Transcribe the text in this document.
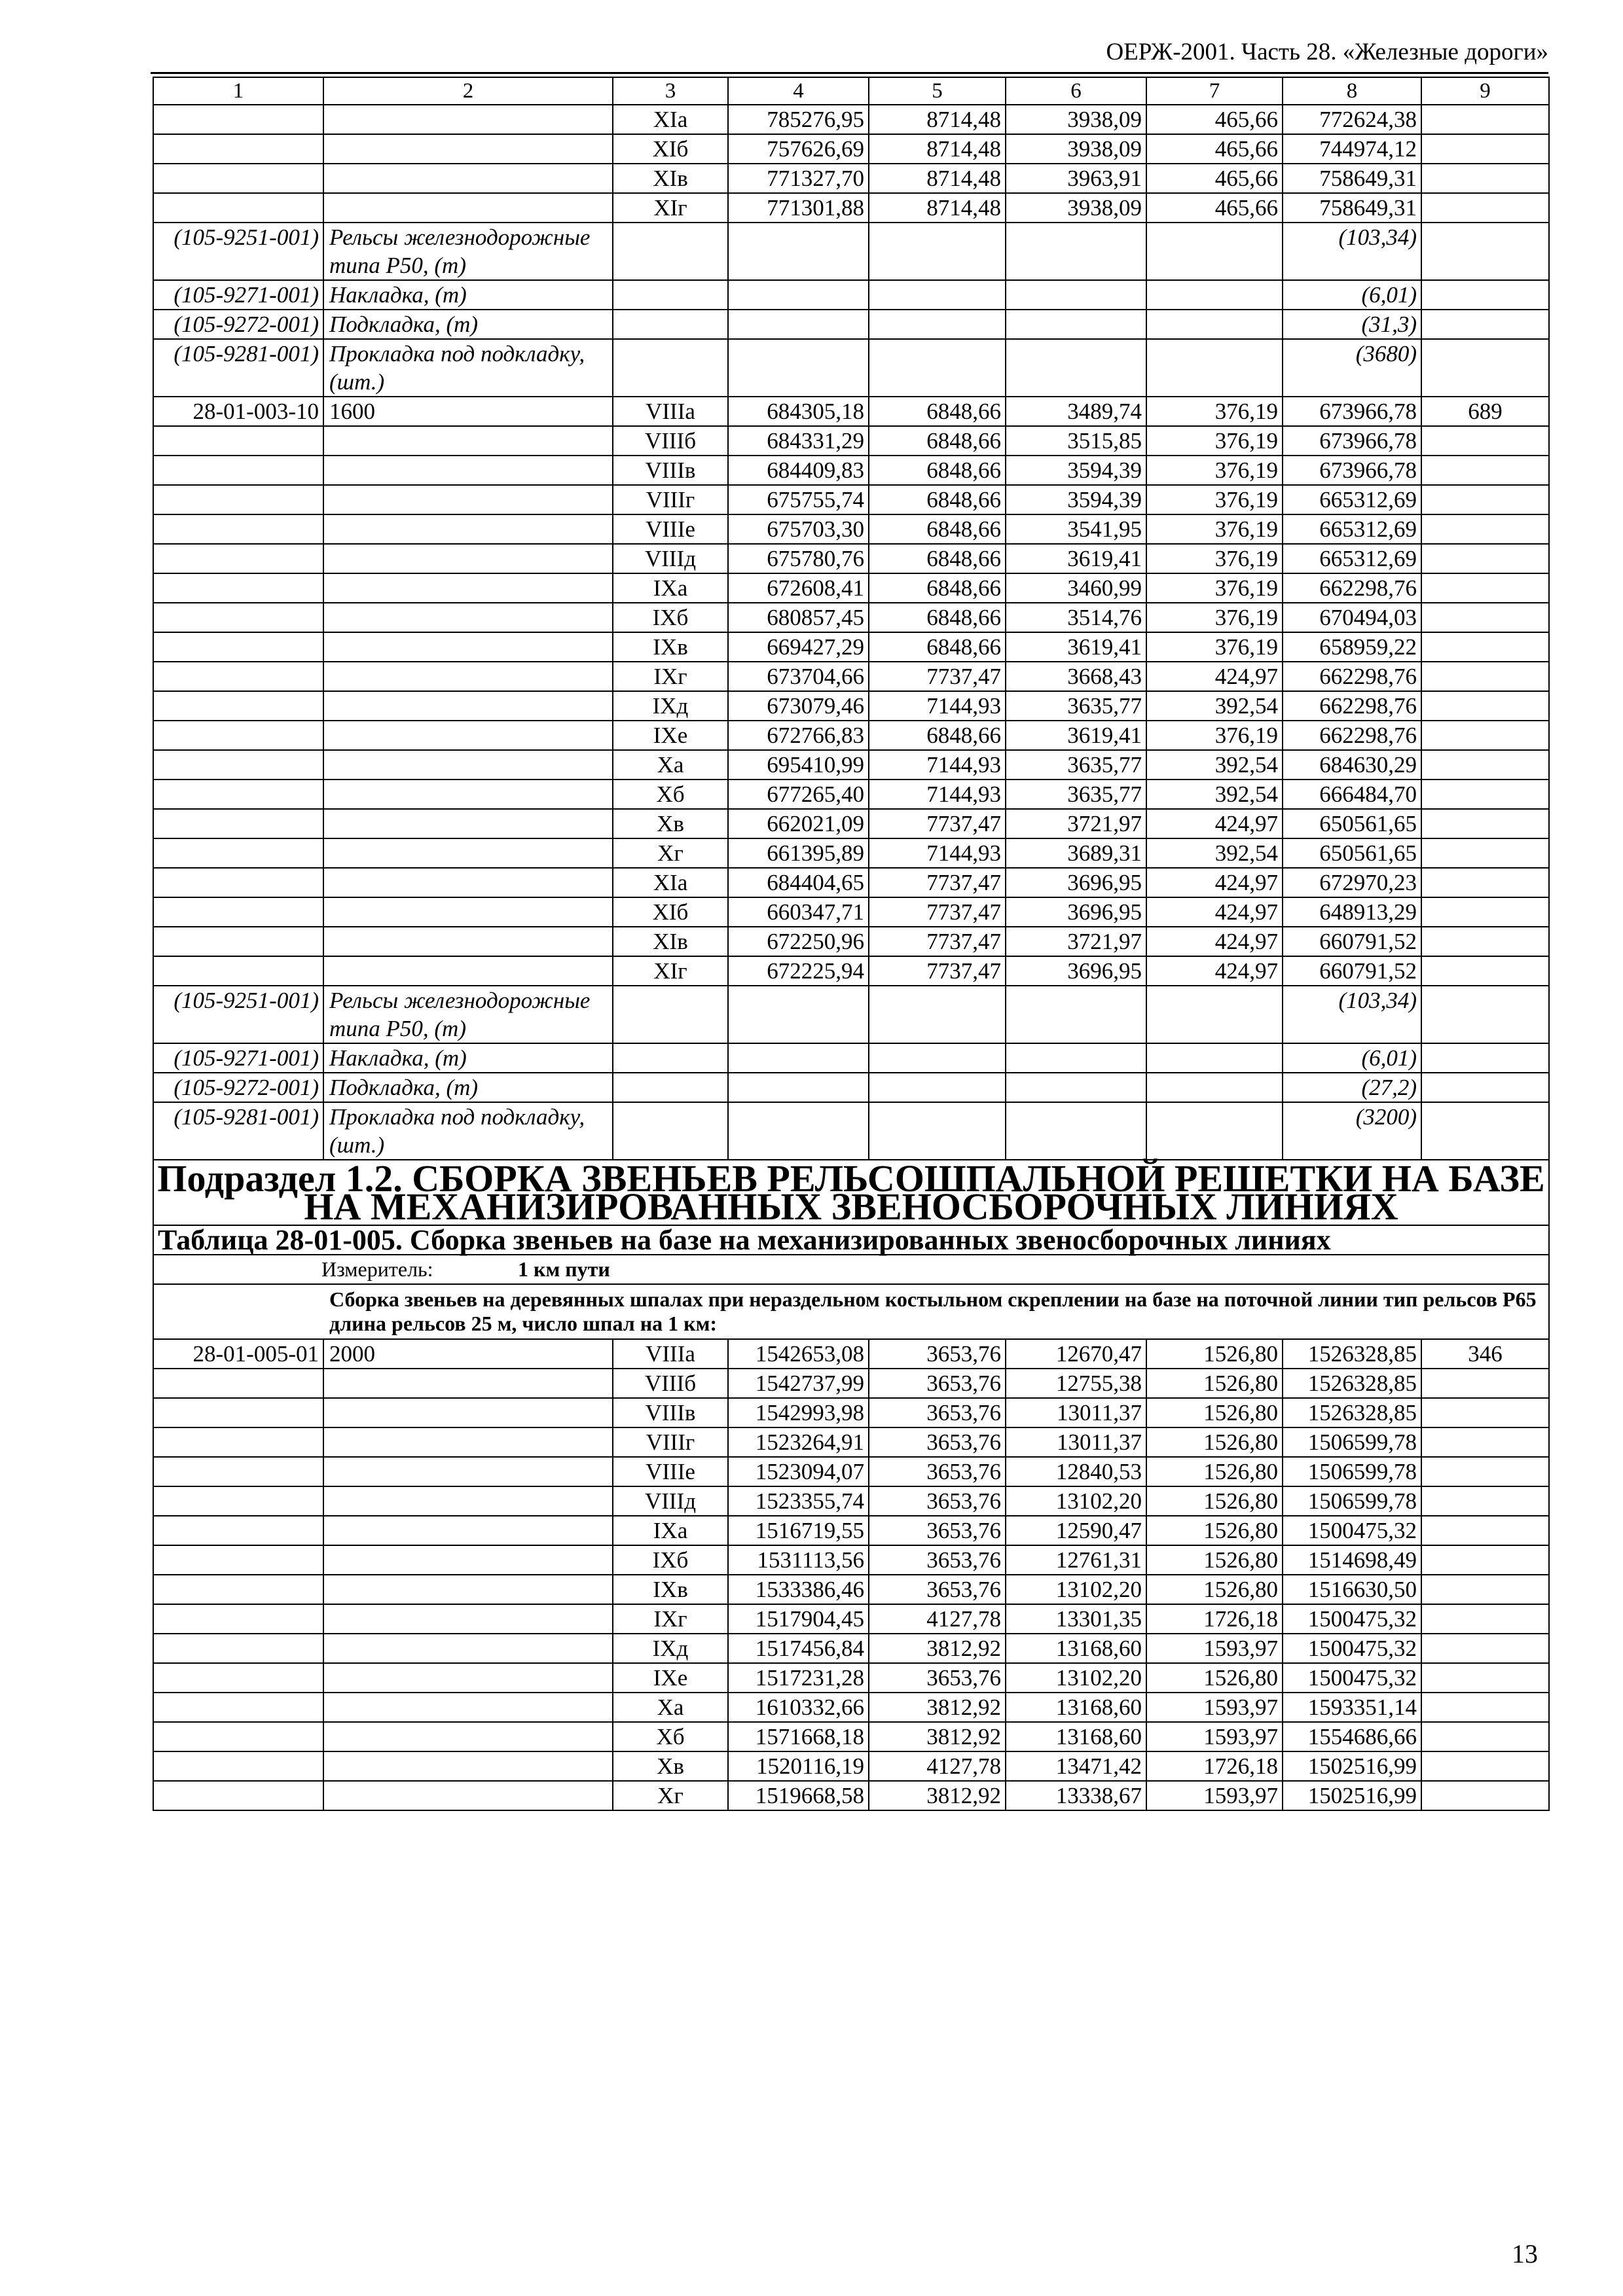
ОЕРЖ-2001. Часть 28. «Железные дороги»
1	2	3	4	5	6	7	8	9
		XIа	785276,95	8714,48	3938,09	465,66	772624,38	
		XIб	757626,69	8714,48	3938,09	465,66	744974,12	
		XIв	771327,70	8714,48	3963,91	465,66	758649,31	
		XIг	771301,88	8714,48	3938,09	465,66	758649,31	
(105-9251-001)	Рельсы железнодорожные типа Р50, (т)						(103,34)	
(105-9271-001)	Накладка, (т)						(6,01)	
(105-9272-001)	Подкладка, (т)						(31,3)	
(105-9281-001)	Прокладка под подкладку, (шт.)						(3680)	
28-01-003-10	1600	VIIIа	684305,18	6848,66	3489,74	376,19	673966,78	689
		VIIIб	684331,29	6848,66	3515,85	376,19	673966,78	
		VIIIв	684409,83	6848,66	3594,39	376,19	673966,78	
		VIIIг	675755,74	6848,66	3594,39	376,19	665312,69	
		VIIIе	675703,30	6848,66	3541,95	376,19	665312,69	
		VIIIд	675780,76	6848,66	3619,41	376,19	665312,69	
		IXа	672608,41	6848,66	3460,99	376,19	662298,76	
		IXб	680857,45	6848,66	3514,76	376,19	670494,03	
		IXв	669427,29	6848,66	3619,41	376,19	658959,22	
		IXг	673704,66	7737,47	3668,43	424,97	662298,76	
		IXд	673079,46	7144,93	3635,77	392,54	662298,76	
		IXе	672766,83	6848,66	3619,41	376,19	662298,76	
		Xа	695410,99	7144,93	3635,77	392,54	684630,29	
		Xб	677265,40	7144,93	3635,77	392,54	666484,70	
		Xв	662021,09	7737,47	3721,97	424,97	650561,65	
		Xг	661395,89	7144,93	3689,31	392,54	650561,65	
		XIа	684404,65	7737,47	3696,95	424,97	672970,23	
		XIб	660347,71	7737,47	3696,95	424,97	648913,29	
		XIв	672250,96	7737,47	3721,97	424,97	660791,52	
		XIг	672225,94	7737,47	3696,95	424,97	660791,52	
(105-9251-001)	Рельсы железнодорожные типа Р50, (т)						(103,34)	
(105-9271-001)	Накладка, (т)						(6,01)	
(105-9272-001)	Подкладка, (т)						(27,2)	
(105-9281-001)	Прокладка под подкладку, (шт.)						(3200)	
Подраздел 1.2. СБОРКА ЗВЕНЬЕВ РЕЛЬСОШПАЛЬНОЙ РЕШЕТКИ НА БАЗЕ НА МЕХАНИЗИРОВАННЫХ ЗВЕНОСБОРОЧНЫХ ЛИНИЯХ								
Таблица 28-01-005. Сборка звеньев на базе на механизированных звеносборочных линиях								
Измеритель: 1 км пути								
Сборка звеньев на деревянных шпалах при нераздельном костыльном скреплении на базе на поточной линии тип рельсов Р65 длина рельсов 25 м, число шпал на 1 км:								
28-01-005-01	2000	VIIIа	1542653,08	3653,76	12670,47	1526,80	1526328,85	346
		VIIIб	1542737,99	3653,76	12755,38	1526,80	1526328,85	
		VIIIв	1542993,98	3653,76	13011,37	1526,80	1526328,85	
		VIIIг	1523264,91	3653,76	13011,37	1526,80	1506599,78	
		VIIIе	1523094,07	3653,76	12840,53	1526,80	1506599,78	
		VIIIд	1523355,74	3653,76	13102,20	1526,80	1506599,78	
		IXа	1516719,55	3653,76	12590,47	1526,80	1500475,32	
		IXб	1531113,56	3653,76	12761,31	1526,80	1514698,49	
		IXв	1533386,46	3653,76	13102,20	1526,80	1516630,50	
		IXг	1517904,45	4127,78	13301,35	1726,18	1500475,32	
		IXд	1517456,84	3812,92	13168,60	1593,97	1500475,32	
		IXе	1517231,28	3653,76	13102,20	1526,80	1500475,32	
		Xа	1610332,66	3812,92	13168,60	1593,97	1593351,14	
		Xб	1571668,18	3812,92	13168,60	1593,97	1554686,66	
		Xв	1520116,19	4127,78	13471,42	1726,18	1502516,99	
		Xг	1519668,58	3812,92	13338,67	1593,97	1502516,99	
13
